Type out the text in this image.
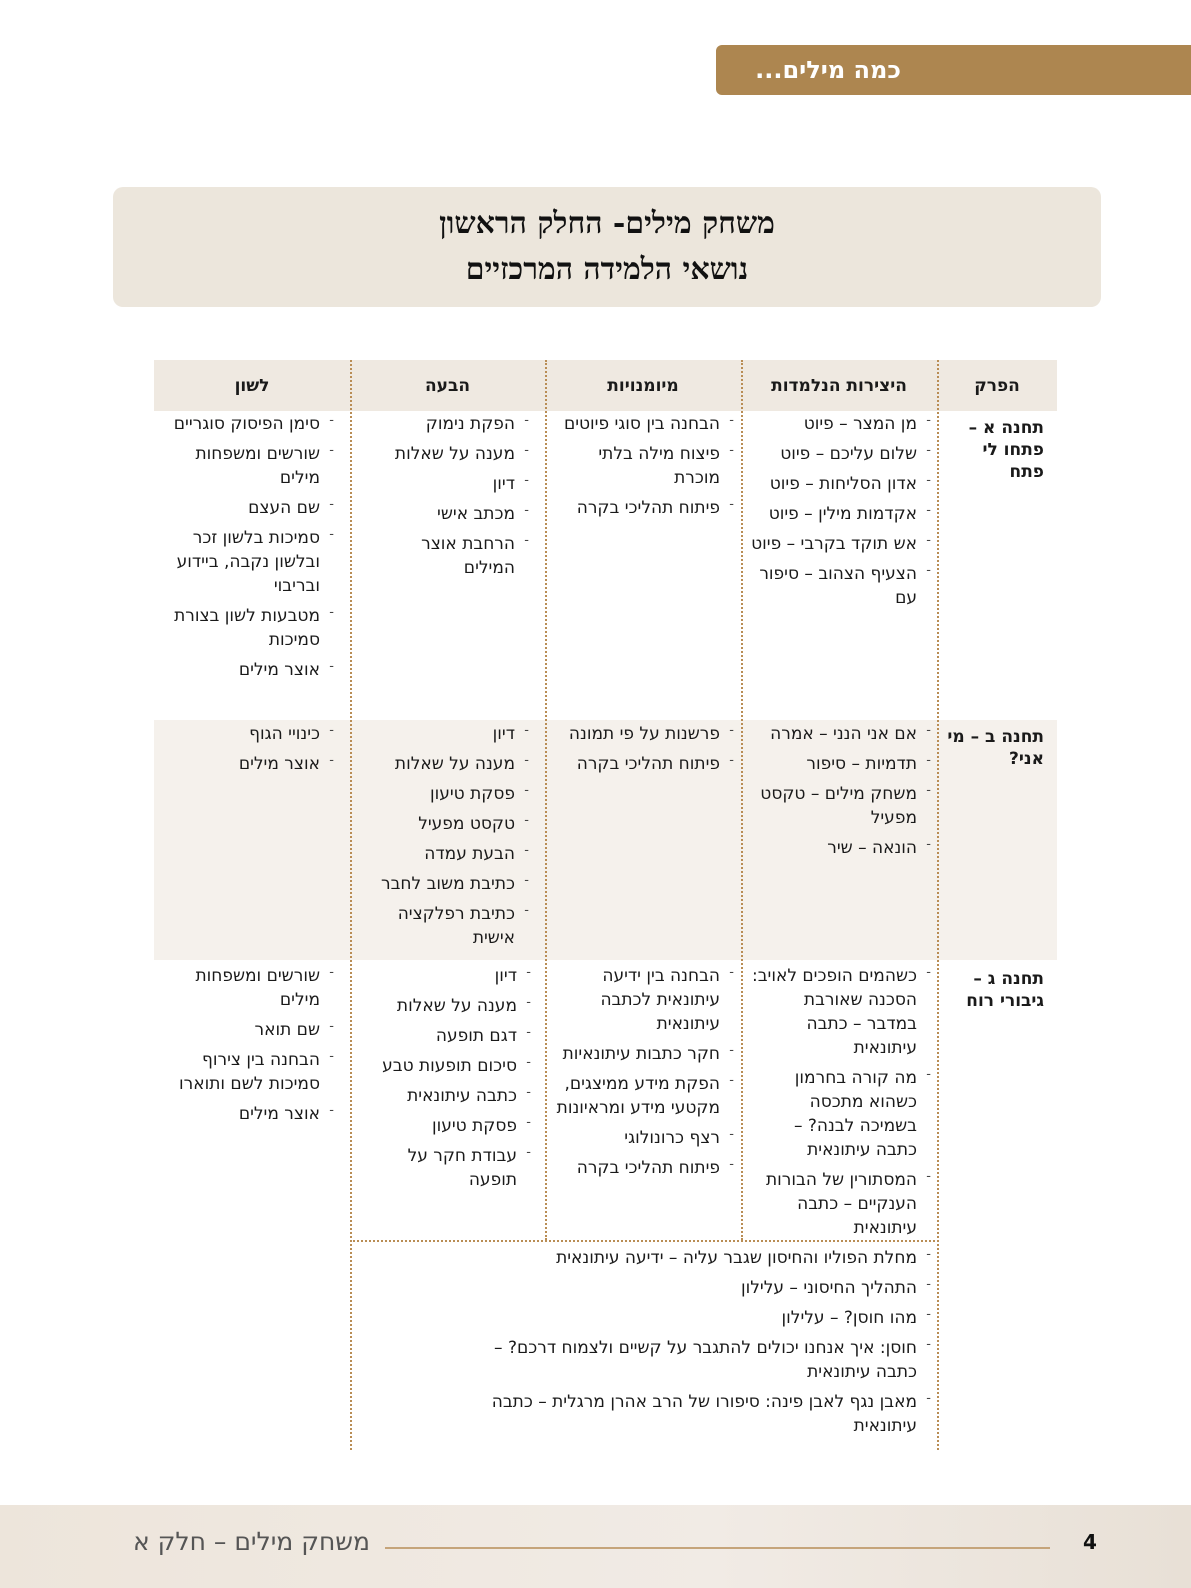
כמה מילים...
משחק מילים- החלק הראשון
נושאי הלמידה המרכזיים
הפרק
היצירות הנלמדות
מיומנויות
הבעה
לשון
תחנה א – פתחו לי פתח
- מן המצר – פיוט
- שלום עליכם – פיוט
- אדון הסליחות – פיוט
- אקדמות מילין – פיוט
- אש תוקד בקרבי – פיוט
- הצעיף הצהוב – סיפור עם
- הבחנה בין סוגי פיוטים
- פיצוח מילה בלתי מוכרת
- פיתוח תהליכי בקרה
- הפקת נימוק
- מענה על שאלות
- דיון
- מכתב אישי
- הרחבת אוצר המילים
- סימן הפיסוק סוגריים
- שורשים ומשפחות מילים
- שם העצם
- סמיכות בלשון זכר ובלשון נקבה, ביידוע ובריבוי
- מטבעות לשון בצורת סמיכות
- אוצר מילים
תחנה ב – מי אני?
- אם אני הנני – אמרה
- תדמיות – סיפור
- משחק מילים – טקסט מפעיל
- הונאה – שיר
- פרשנות על פי תמונה
- פיתוח תהליכי בקרה
- דיון
- מענה על שאלות
- פסקת טיעון
- טקסט מפעיל
- הבעת עמדה
- כתיבת משוב לחבר
- כתיבת רפלקציה אישית
- כינויי הגוף
- אוצר מילים
תחנה ג – גיבורי רוח
- כשהמים הופכים לאויב: הסכנה שאורבת במדבר – כתבה עיתונאית
- מה קורה בחרמון כשהוא מתכסה בשמיכה לבנה? – כתבה עיתונאית
- המסתורין של הבורות הענקיים – כתבה עיתונאית
- הבחנה בין ידיעה עיתונאית לכתבה עיתונאית
- חקר כתבות עיתונאיות
- הפקת מידע ממיצגים, מקטעי מידע ומראיונות
- רצף כרונולוגי
- פיתוח תהליכי בקרה
- דיון
- מענה על שאלות
- דגם תופעה
- סיכום תופעות טבע
- כתבה עיתונאית
- פסקת טיעון
- עבודת חקר על תופעה
- שורשים ומשפחות מילים
- שם תואר
- הבחנה בין צירוף סמיכות לשם ותוארו
- אוצר מילים
- מחלת הפוליו והחיסון שגבר עליה – ידיעה עיתונאית
- התהליך החיסוני – עלילון
- מהו חוסן? – עלילון
- חוסן: איך אנחנו יכולים להתגבר על קשיים ולצמוח דרכם? – כתבה עיתונאית
- מאבן נגף לאבן פינה: סיפורו של הרב אהרן מרגלית – כתבה עיתונאית
4
משחק מילים – חלק א
